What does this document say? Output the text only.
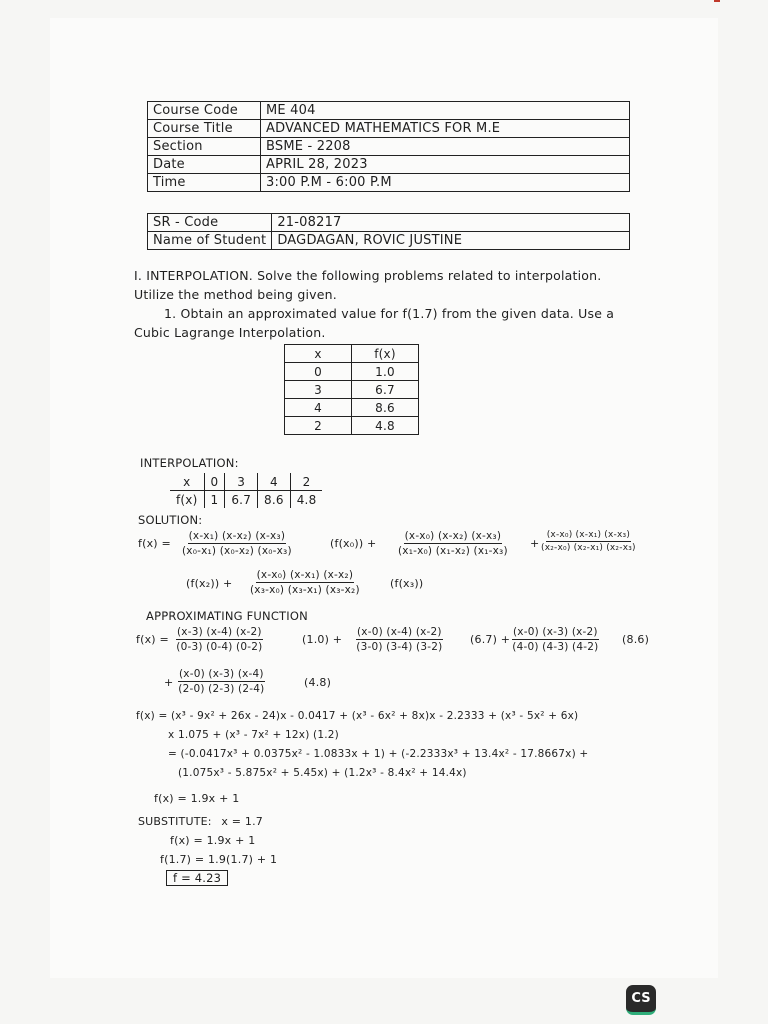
Course Code	ME 404
Course Title	ADVANCED MATHEMATICS FOR M.E
Section	BSME - 2208
Date	APRIL 28, 2023
Time	3:00 P.M - 6:00 P.M
SR - Code	21-08217
Name of Student	DAGDAGAN, ROVIC JUSTINE
I. INTERPOLATION. Solve the following problems related to interpolation.
Utilize the method being given.
1. Obtain an approximated value for f(1.7) from the given data. Use a
Cubic Lagrange Interpolation.
x	f(x)
0	1.0
3	6.7
4	8.6
2	4.8
INTERPOLATION:
x	0	3	4	2
f(x)	1	6.7	8.6	4.8
SOLUTION:
$f(x) = \frac{\text{(x-x₁) (x-x₂) (x-x₃)}}{\text{(x₀-x₁) (x₀-x₂) (x₀-x₃)}}$	$(f(x_0)) + \frac{\text{(x-x₀) (x-x₂) (x-x₃)}}{\text{(x₁-x₀) (x₁-x₂) (x₁-x₃)}} + \frac{\text{(x-x₀) (x-x₁) (x-x₃)}}{\text{(x₂-x₀) (x₂-x₁) (x₂-x₃)}}$
$(f(x_2)) + \frac{\text{(x-x₀) (x-x₁) (x-x₂)}}{\text{(x₃-x₀) (x₃-x₁) (x₃-x₂)}}$	(f(x₃))
APPROXIMATING FUNCTION
$f(x) = \frac{(x-3) (x-4) (x-2)}{(0-3) (0-4) (0-2)}$	$(1.0) + \frac{(x-0) (x-4) (x-2)}{(3-0) (3-4) (3-2)} (6.7) + \frac{(x-0) (x-3) (x-2)}{(4-0) (4-3) (4-2)} (8.6)$
+ $\frac{(x-0) (x-3) (x-4)}{(2-0) (2-3) (2-4)}$	(4.8)
f(x) = (x³ - 9x² + 26x - 24)x - 0.0417 + (x³ - 6x² + 8x)x - 2.2333 + (x³ - 5x² + 6x)
x 1.075 + (x³ - 7x² + 12x) (1.2)
= (-0.0417x³ + 0.0375x² - 1.0833x + 1) + (-2.2333x³ + 13.4x² - 17.8667x) +
(1.075x³ - 5.875x² + 5.45x) + (1.2x³ - 8.4x² + 14.4x)
f(x) = 1.9x + 1
SUBSTITUTE: x = 1.7
f(x) = 1.9x + 1
f(1.7) = 1.9(1.7) + 1
f = 4.23
CS
